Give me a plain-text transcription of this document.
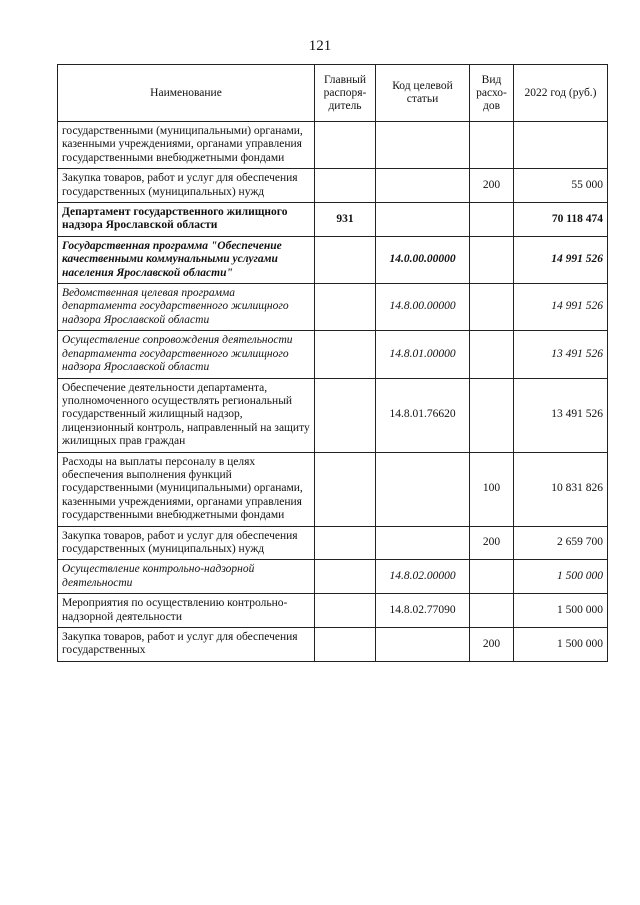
121
Наименование	Главный распоря-дитель	Код целевой статьи	Вид расхо-дов	2022 год (руб.)
государственными (муниципальными) органами, казенными учреждениями, органами управления государственными внебюджетными фондами				
Закупка товаров, работ и услуг для обеспечения государственных (муниципальных) нужд			200	55 000
Департамент государственного жилищного надзора Ярославской области	931			70 118 474
Государственная программа "Обеспечение качественными коммунальными услугами населения Ярославской области"		14.0.00.00000		14 991 526
Ведомственная целевая программа департамента государственного жилищного надзора Ярославской области		14.8.00.00000		14 991 526
Осуществление сопровождения деятельности департамента государственного жилищного надзора Ярославской области		14.8.01.00000		13 491 526
Обеспечение деятельности департамента, уполномоченного осуществлять региональный государственный жилищный надзор, лицензионный контроль, направленный на защиту жилищных прав граждан		14.8.01.76620		13 491 526
Расходы на выплаты персоналу в целях обеспечения выполнения функций государственными (муниципальными) органами, казенными учреждениями, органами управления государственными внебюджетными фондами			100	10 831 826
Закупка товаров, работ и услуг для обеспечения государственных (муниципальных) нужд			200	2 659 700
Осуществление контрольно-надзорной деятельности		14.8.02.00000		1 500 000
Мероприятия по осуществлению контрольно-надзорной деятельности		14.8.02.77090		1 500 000
Закупка товаров, работ и услуг для обеспечения государственных			200	1 500 000
